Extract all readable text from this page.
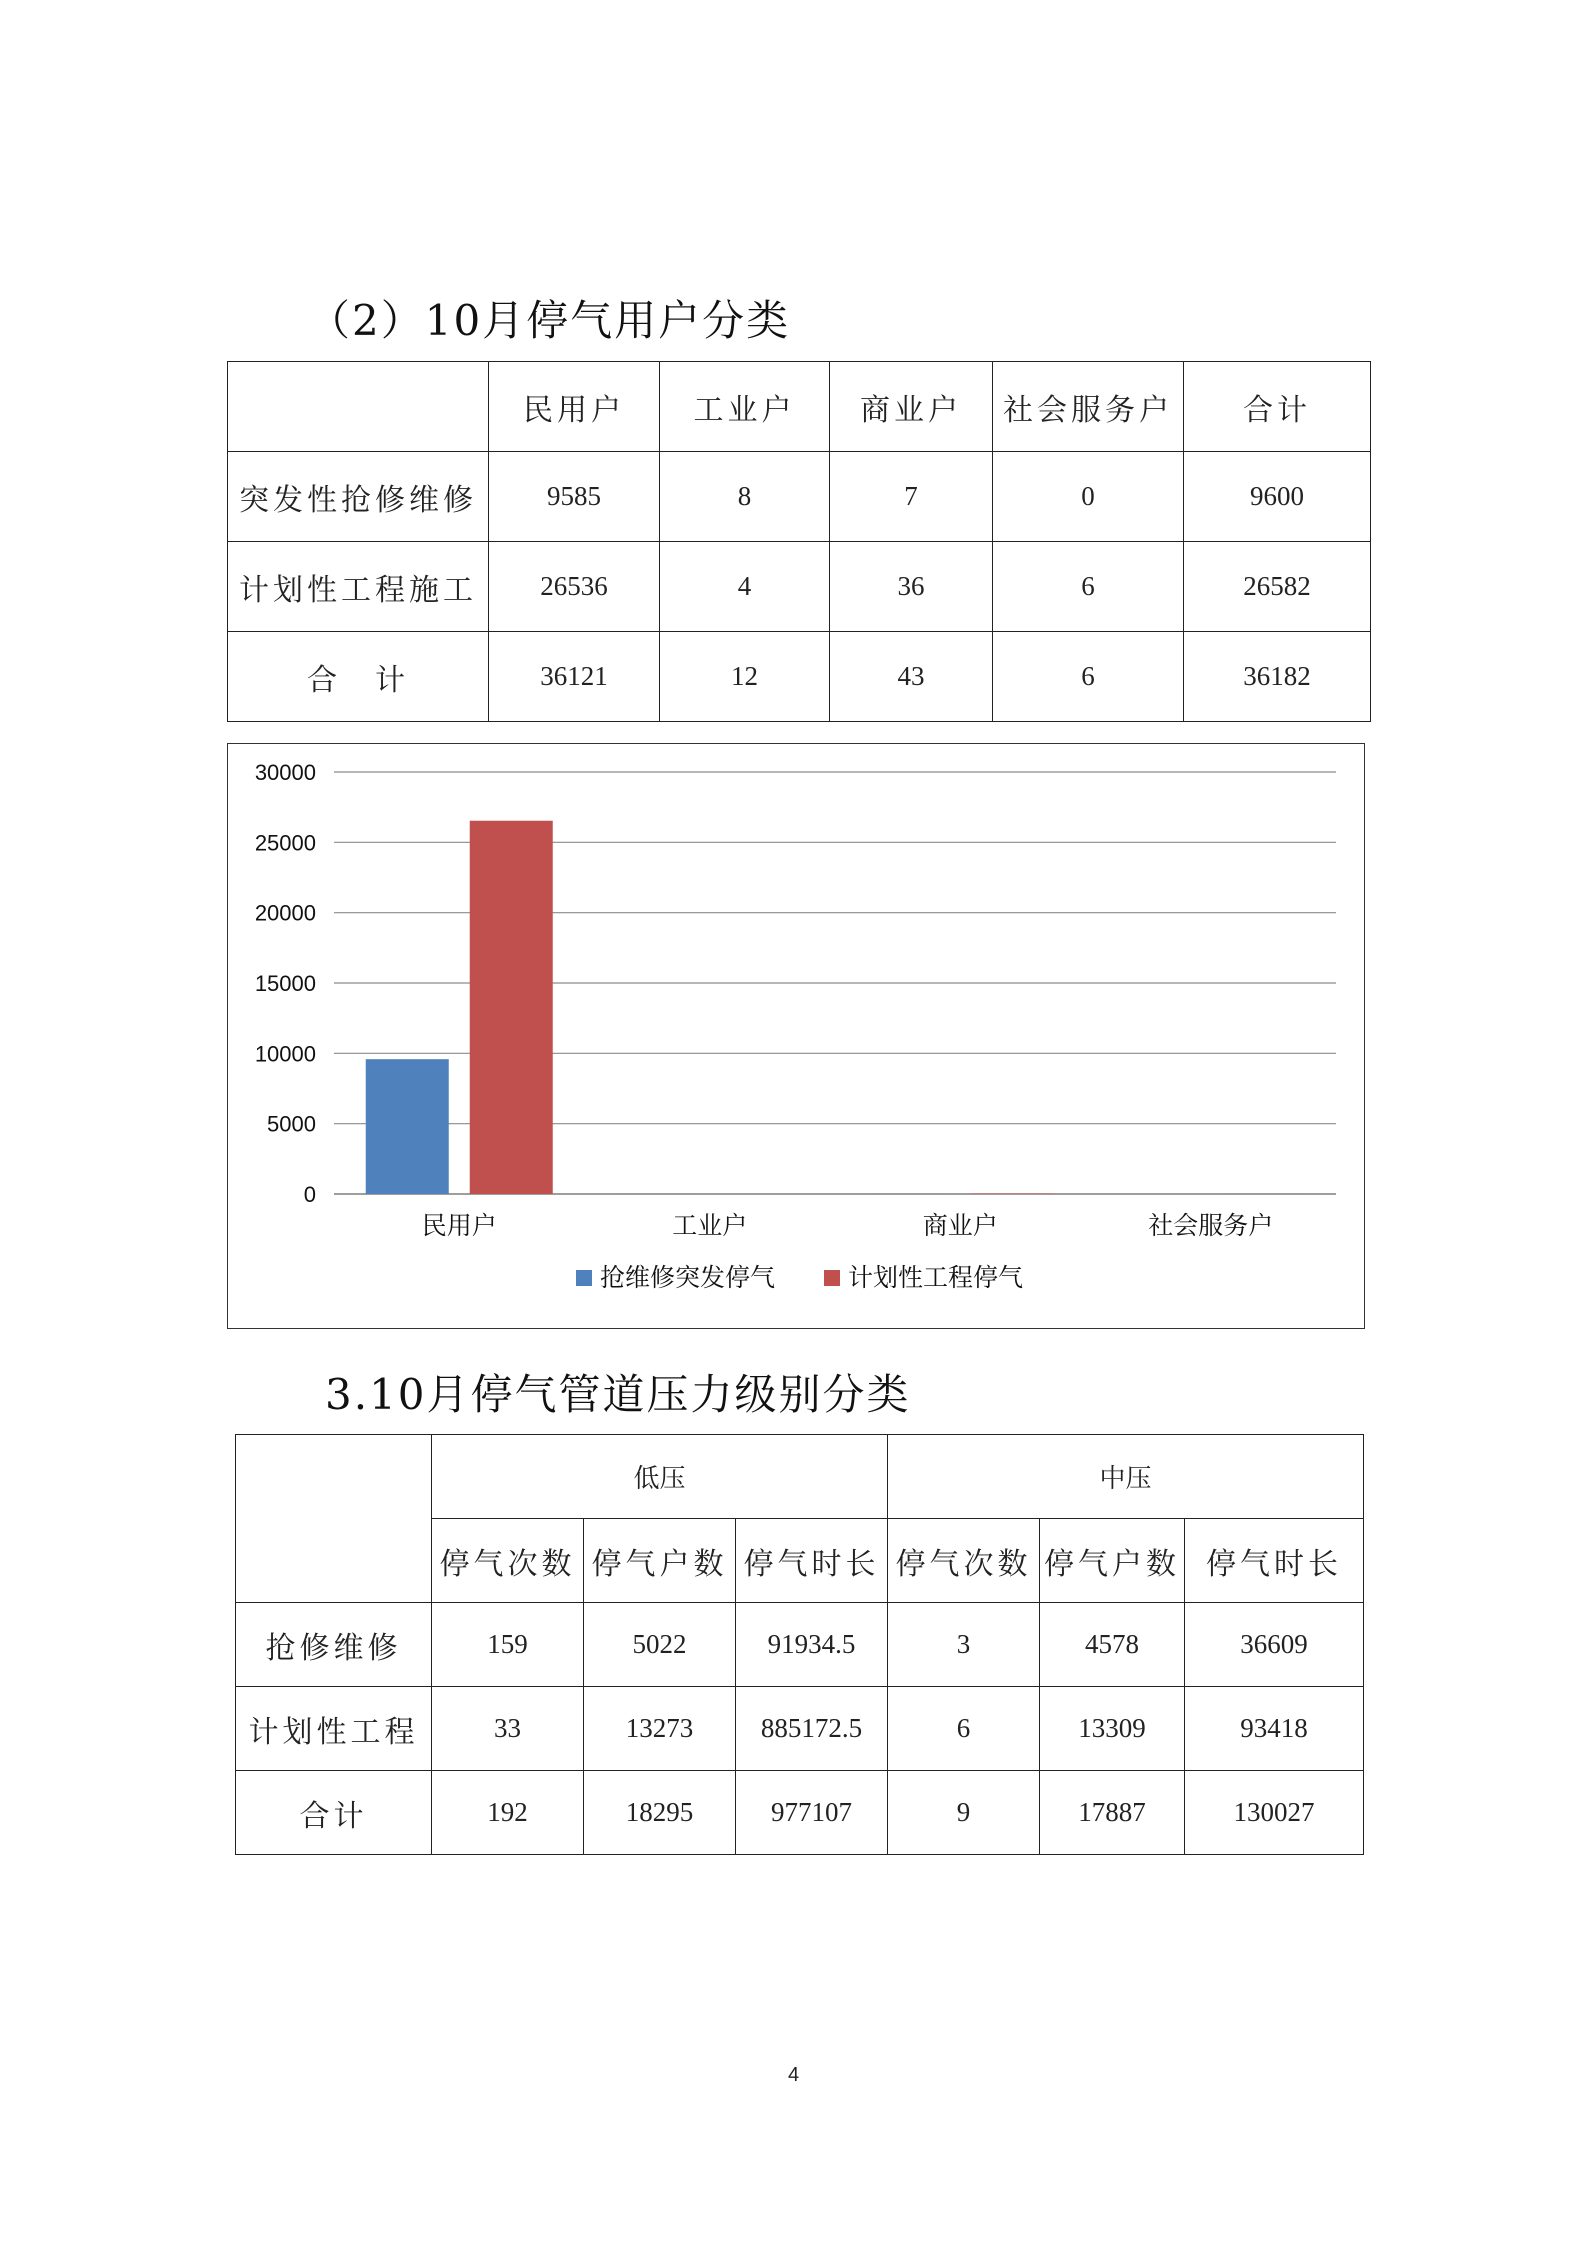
（2）10月停气用户分类
	民用户	工业户	商业户	社会服务户	合计
突发性抢修维修	9585	8	7	0	9600
计划性工程施工	26536	4	36	6	26582
合　计	36121	12	43	6	36182
0
5000
10000
15000
20000
25000
30000
民用户	工业户	商业户	社会服务户
抢维修突发停气	计划性工程停气
3.10月停气管道压力级别分类
	低压			中压		
	停气次数	停气户数	停气时长	停气次数	停气户数	停气时长
抢修维修	159	5022	91934.5	3	4578	36609
计划性工程	33	13273	885172.5	6	13309	93418
合计	192	18295	977107	9	17887	130027
4
